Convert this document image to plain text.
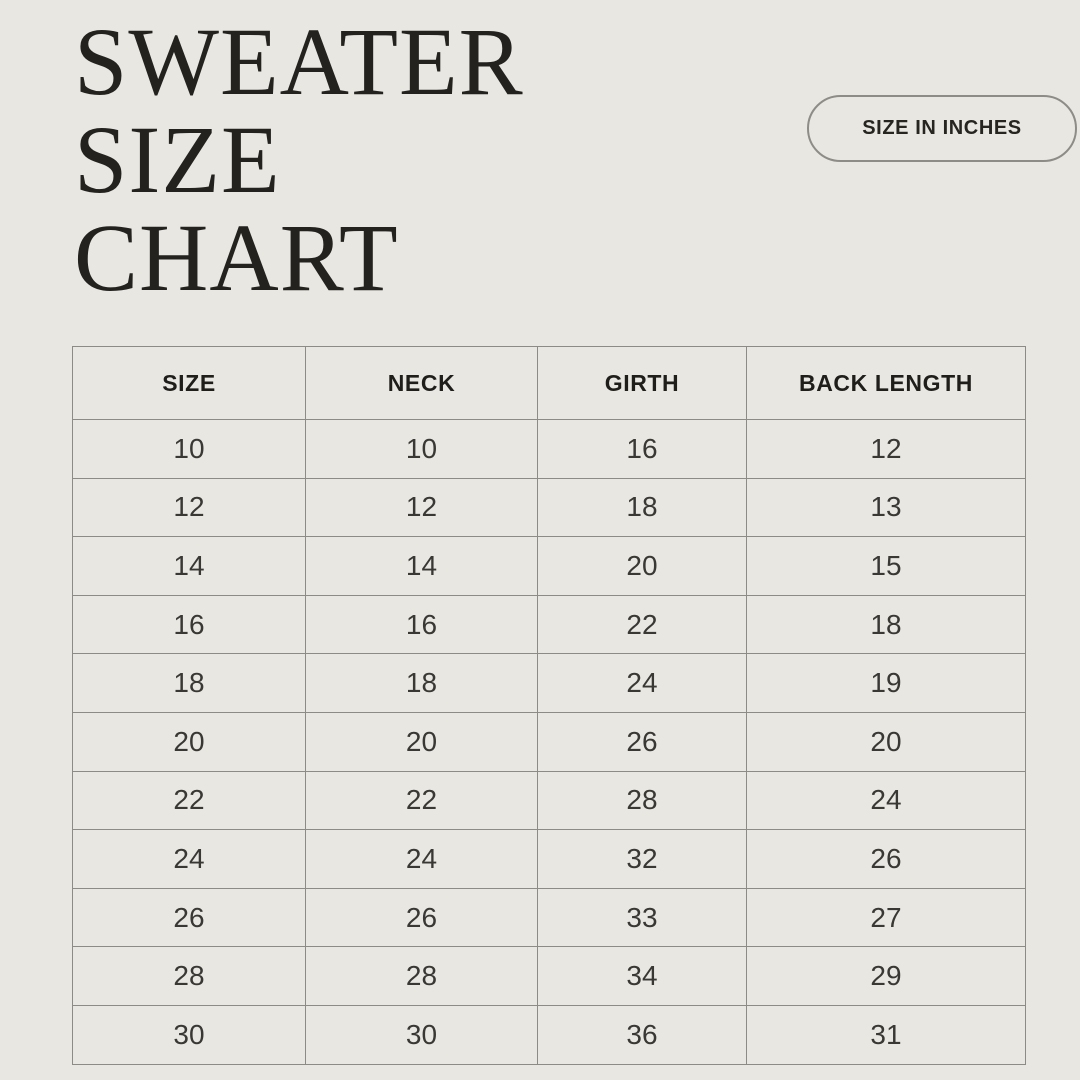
SWEATER
SIZE
CHART
SIZE IN INCHES
SIZE	NECK	GIRTH	BACK LENGTH
10	10	16	12
12	12	18	13
14	14	20	15
16	16	22	18
18	18	24	19
20	20	26	20
22	22	28	24
24	24	32	26
26	26	33	27
28	28	34	29
30	30	36	31
